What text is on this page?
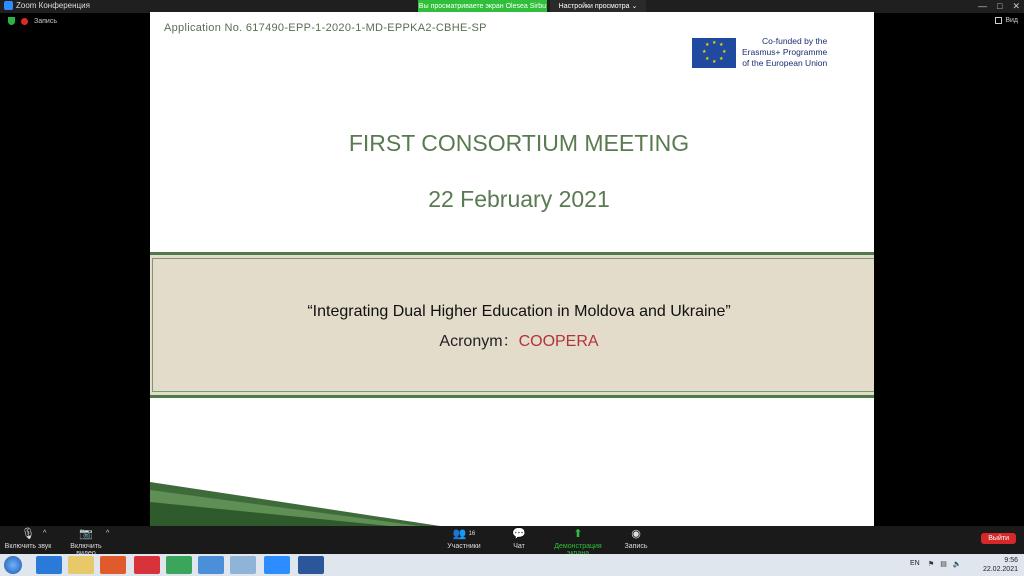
Zoom Конференция	Вы просматриваете экран Olesea Sirbu	Настройки просмотра ⌄	— □ ✕
Запись	Вид
Application No. 617490-EPP-1-2020-1-MD-EPPKA2-CBHE-SP
★ ★
★
★
★
★
★
★	Co-funded by the
Erasmus+ Programme
of the European Union
FIRST CONSORTIUM MEETING
22 February 2021
“Integrating Dual Higher Education in Moldova and Ukraine”
Acronym：COOPERA
🎙
Включить звук
^	📷
Включить
^	👥 $^{16}$
Участники
💬
Чат
⬆
Демонстрация
◉
Запись
Выйти
EN ⚑ ▤ 🔈
9:56
22.02.2021
